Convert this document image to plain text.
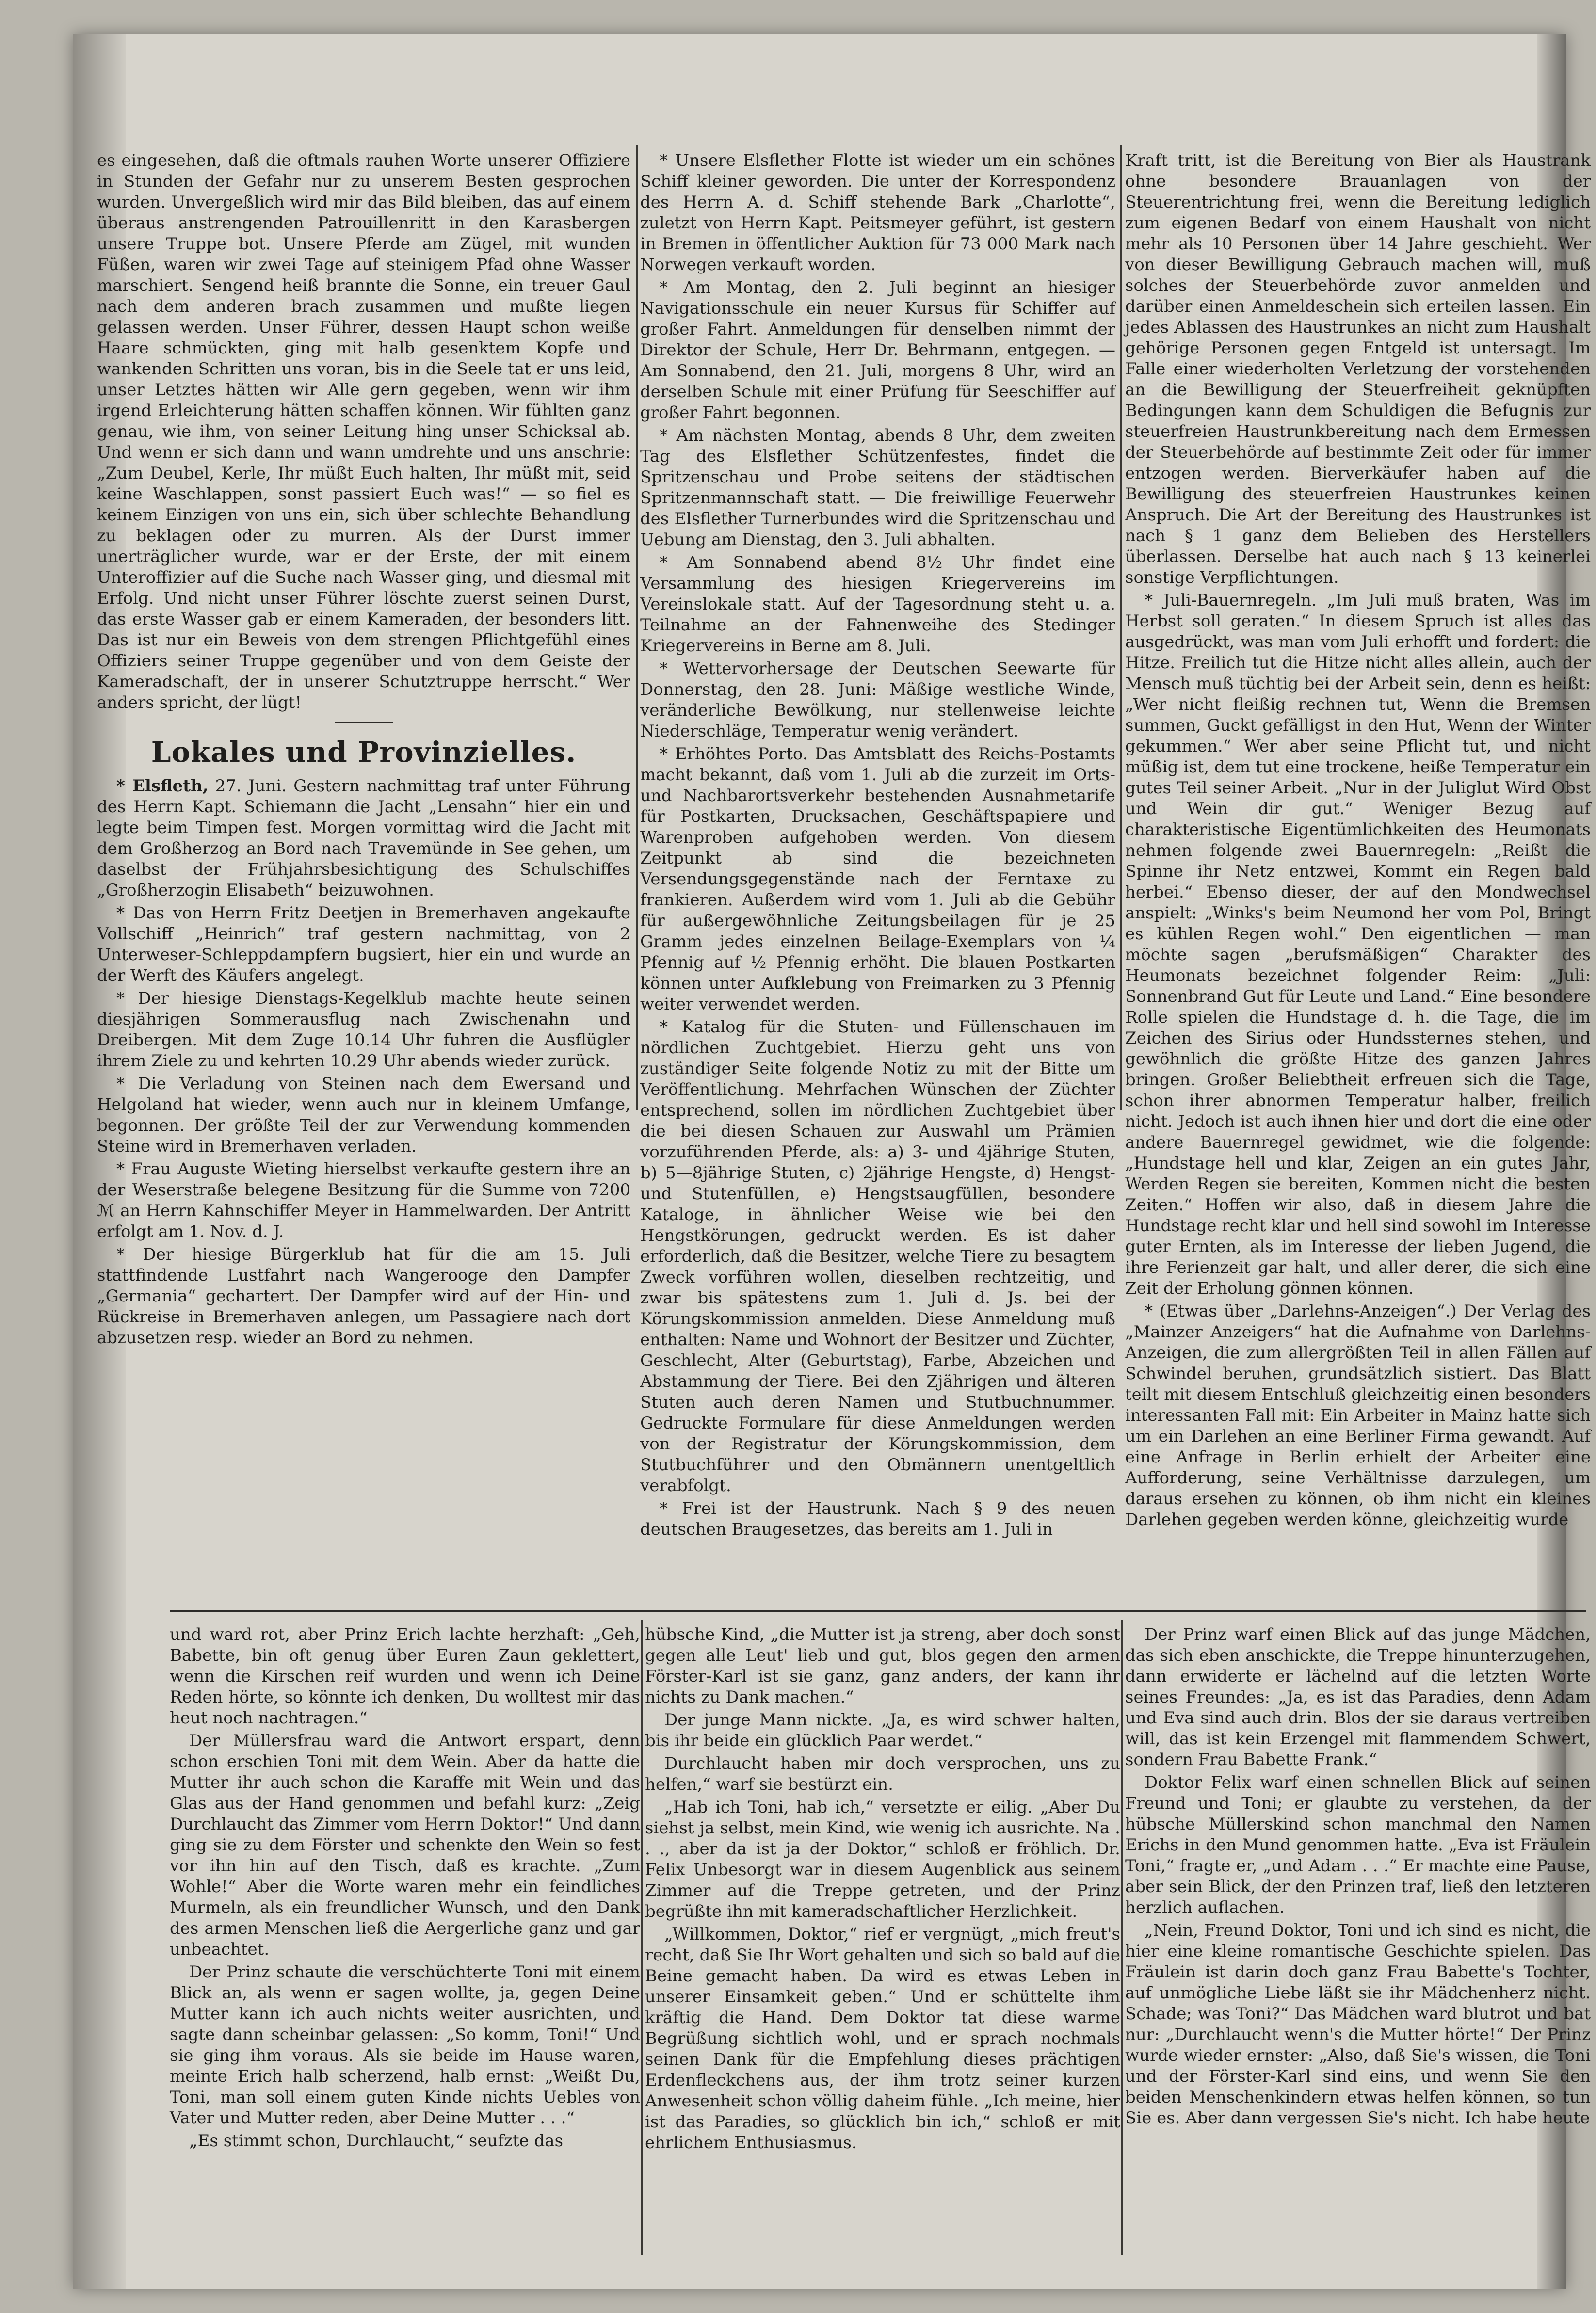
es eingesehen, daß die oftmals rauhen Worte unserer Offiziere in Stunden der Gefahr nur zu unserem Besten gesprochen wurden. Unvergeßlich wird mir das Bild bleiben, das auf einem überaus anstrengenden Patrouillenritt in den Karasbergen unsere Truppe bot. Unsere Pferde am Zügel, mit wunden Füßen, waren wir zwei Tage auf steinigem Pfad ohne Wasser marschiert. Sengend heiß brannte die Sonne, ein treuer Gaul nach dem anderen brach zusammen und mußte liegen gelassen werden. Unser Führer, dessen Haupt schon weiße Haare schmückten, ging mit halb gesenktem Kopfe und wankenden Schritten uns voran, bis in die Seele tat er uns leid, unser Letztes hätten wir Alle gern gegeben, wenn wir ihm irgend Erleichterung hätten schaffen können. Wir fühlten ganz genau, wie ihm, von seiner Leitung hing unser Schicksal ab. Und wenn er sich dann und wann umdrehte und uns anschrie: „Zum Deubel, Kerle, Ihr müßt Euch halten, Ihr müßt mit, seid keine Waschlappen, sonst passiert Euch was!“ — so fiel es keinem Einzigen von uns ein, sich über schlechte Behandlung zu beklagen oder zu murren. Als der Durst immer unerträglicher wurde, war er der Erste, der mit einem Unteroffizier auf die Suche nach Wasser ging, und diesmal mit Erfolg. Und nicht unser Führer löschte zuerst seinen Durst, das erste Wasser gab er einem Kameraden, der besonders litt. Das ist nur ein Beweis von dem strengen Pflichtgefühl eines Offiziers seiner Truppe gegenüber und von dem Geiste der Kameradschaft, der in unserer Schutztruppe herrscht.“ Wer anders spricht, der lügt!

Lokales und Provinzielles.

* Elsfleth, 27. Juni. Gestern nachmittag traf unter Führung des Herrn Kapt. Schiemann die Jacht „Lensahn“ hier ein und legte beim Timpen fest. Morgen vormittag wird die Jacht mit dem Großherzog an Bord nach Travemünde in See gehen, um daselbst der Frühjahrsbesichtigung des Schulschiffes „Großherzogin Elisabeth“ beizuwohnen.

* Das von Herrn Fritz Deetjen in Bremerhaven angekaufte Vollschiff „Heinrich“ traf gestern nachmittag, von 2 Unterweser-Schleppdampfern bugsiert, hier ein und wurde an der Werft des Käufers angelegt.

* Der hiesige Dienstags-Kegelklub machte heute seinen diesjährigen Sommerausflug nach Zwischenahn und Dreibergen. Mit dem Zuge 10.14 Uhr fuhren die Ausflügler ihrem Ziele zu und kehrten 10.29 Uhr abends wieder zurück.

* Die Verladung von Steinen nach dem Ewersand und Helgoland hat wieder, wenn auch nur in kleinem Umfange, begonnen. Der größte Teil der zur Verwendung kommenden Steine wird in Bremerhaven verladen.

* Frau Auguste Wieting hierselbst verkaufte gestern ihre an der Weserstraße belegene Besitzung für die Summe von 7200 ℳ an Herrn Kahnschiffer Meyer in Hammelwarden. Der Antritt erfolgt am 1. Nov. d. J.

* Der hiesige Bürgerklub hat für die am 15. Juli stattfindende Lustfahrt nach Wangerooge den Dampfer „Germania“ gechartert. Der Dampfer wird auf der Hin- und Rückreise in Bremerhaven anlegen, um Passagiere nach dort abzusetzen resp. wieder an Bord zu nehmen.

* Unsere Elsflether Flotte ist wieder um ein schönes Schiff kleiner geworden. Die unter der Korrespondenz des Herrn A. d. Schiff stehende Bark „Charlotte“, zuletzt von Herrn Kapt. Peitsmeyer geführt, ist gestern in Bremen in öffentlicher Auktion für 73 000 Mark nach Norwegen verkauft worden.

* Am Montag, den 2. Juli beginnt an hiesiger Navigationsschule ein neuer Kursus für Schiffer auf großer Fahrt. Anmeldungen für denselben nimmt der Direktor der Schule, Herr Dr. Behrmann, entgegen. — Am Sonnabend, den 21. Juli, morgens 8 Uhr, wird an derselben Schule mit einer Prüfung für Seeschiffer auf großer Fahrt begonnen.

* Am nächsten Montag, abends 8 Uhr, dem zweiten Tag des Elsflether Schützenfestes, findet die Spritzenschau und Probe seitens der städtischen Spritzenmannschaft statt. — Die freiwillige Feuerwehr des Elsflether Turnerbundes wird die Spritzenschau und Uebung am Dienstag, den 3. Juli abhalten.

* Am Sonnabend abend 8½ Uhr findet eine Versammlung des hiesigen Kriegervereins im Vereinslokale statt. Auf der Tagesordnung steht u. a. Teilnahme an der Fahnenweihe des Stedinger Kriegervereins in Berne am 8. Juli.

* Wettervorhersage der Deutschen Seewarte für Donnerstag, den 28. Juni: Mäßige westliche Winde, veränderliche Bewölkung, nur stellenweise leichte Niederschläge, Temperatur wenig verändert.

* Erhöhtes Porto. Das Amtsblatt des Reichs-Postamts macht bekannt, daß vom 1. Juli ab die zurzeit im Orts- und Nachbarortsverkehr bestehenden Ausnahmetarife für Postkarten, Drucksachen, Geschäftspapiere und Warenproben aufgehoben werden. Von diesem Zeitpunkt ab sind die bezeichneten Versendungsgegenstände nach der Ferntaxe zu frankieren. Außerdem wird vom 1. Juli ab die Gebühr für außergewöhnliche Zeitungsbeilagen für je 25 Gramm jedes einzelnen Beilage-Exemplars von ⅟₄ Pfennig auf ⅟₂ Pfennig erhöht. Die blauen Postkarten können unter Aufklebung von Freimarken zu 3 Pfennig weiter verwendet werden.

* Katalog für die Stuten- und Füllenschauen im nördlichen Zuchtgebiet. Hierzu geht uns von zuständiger Seite folgende Notiz zu mit der Bitte um Veröffentlichung. Mehrfachen Wünschen der Züchter entsprechend, sollen im nördlichen Zuchtgebiet über die bei diesen Schauen zur Auswahl um Prämien vorzuführenden Pferde, als: a) 3- und 4jährige Stuten, b) 5—8jährige Stuten, c) 2jährige Hengste, d) Hengst- und Stutenfüllen, e) Hengstsaugfüllen, besondere Kataloge, in ähnlicher Weise wie bei den Hengstkörungen, gedruckt werden. Es ist daher erforderlich, daß die Besitzer, welche Tiere zu besagtem Zweck vorführen wollen, dieselben rechtzeitig, und zwar bis spätestens zum 1. Juli d. Js. bei der Körungskommission anmelden. Diese Anmeldung muß enthalten: Name und Wohnort der Besitzer und Züchter, Geschlecht, Alter (Geburtstag), Farbe, Abzeichen und Abstammung der Tiere. Bei den Zjährigen und älteren Stuten auch deren Namen und Stutbuchnummer. Gedruckte Formulare für diese Anmeldungen werden von der Registratur der Körungskommission, dem Stutbuchführer und den Obmännern unentgeltlich verabfolgt.

* Frei ist der Haustrunk. Nach § 9 des neuen deutschen Braugesetzes, das bereits am 1. Juli in

Kraft tritt, ist die Bereitung von Bier als Haustrank ohne besondere Brauanlagen von der Steuerentrichtung frei, wenn die Bereitung lediglich zum eigenen Bedarf von einem Haushalt von nicht mehr als 10 Personen über 14 Jahre geschieht. Wer von dieser Bewilligung Gebrauch machen will, muß solches der Steuerbehörde zuvor anmelden und darüber einen Anmeldeschein sich erteilen lassen. Ein jedes Ablassen des Haustrunkes an nicht zum Haushalt gehörige Personen gegen Entgeld ist untersagt. Im Falle einer wiederholten Verletzung der vorstehenden an die Bewilligung der Steuerfreiheit geknüpften Bedingungen kann dem Schuldigen die Befugnis zur steuerfreien Haustrunkbereitung nach dem Ermessen der Steuerbehörde auf bestimmte Zeit oder für immer entzogen werden. Bierverkäufer haben auf die Bewilligung des steuerfreien Haustrunkes keinen Anspruch. Die Art der Bereitung des Haustrunkes ist nach § 1 ganz dem Belieben des Herstellers überlassen. Derselbe hat auch nach § 13 keinerlei sonstige Verpflichtungen.

* Juli-Bauernregeln. „Im Juli muß braten, Was im Herbst soll geraten.“ In diesem Spruch ist alles das ausgedrückt, was man vom Juli erhofft und fordert: die Hitze. Freilich tut die Hitze nicht alles allein, auch der Mensch muß tüchtig bei der Arbeit sein, denn es heißt: „Wer nicht fleißig rechnen tut, Wenn die Bremsen summen, Guckt gefälligst in den Hut, Wenn der Winter gekummen.“ Wer aber seine Pflicht tut, und nicht müßig ist, dem tut eine trockene, heiße Temperatur ein gutes Teil seiner Arbeit. „Nur in der Juliglut Wird Obst und Wein dir gut.“ Weniger Bezug auf charakteristische Eigentümlichkeiten des Heumonats nehmen folgende zwei Bauernregeln: „Reißt die Spinne ihr Netz entzwei, Kommt ein Regen bald herbei.“ Ebenso dieser, der auf den Mondwechsel anspielt: „Winks's beim Neumond her vom Pol, Bringt es kühlen Regen wohl.“ Den eigentlichen — man möchte sagen „berufsmäßigen“ Charakter des Heumonats bezeichnet folgender Reim: „Juli: Sonnenbrand Gut für Leute und Land.“ Eine besondere Rolle spielen die Hundstage d. h. die Tage, die im Zeichen des Sirius oder Hundssternes stehen, und gewöhnlich die größte Hitze des ganzen Jahres bringen. Großer Beliebtheit erfreuen sich die Tage, schon ihrer abnormen Temperatur halber, freilich nicht. Jedoch ist auch ihnen hier und dort die eine oder andere Bauernregel gewidmet, wie die folgende: „Hundstage hell und klar, Zeigen an ein gutes Jahr, Werden Regen sie bereiten, Kommen nicht die besten Zeiten.“ Hoffen wir also, daß in diesem Jahre die Hundstage recht klar und hell sind sowohl im Interesse guter Ernten, als im Interesse der lieben Jugend, die ihre Ferienzeit gar halt, und aller derer, die sich eine Zeit der Erholung gönnen können.

* (Etwas über „Darlehns-Anzeigen“.) Der Verlag des „Mainzer Anzeigers“ hat die Aufnahme von Darlehns-Anzeigen, die zum allergrößten Teil in allen Fällen auf Schwindel beruhen, grundsätzlich sistiert. Das Blatt teilt mit diesem Entschluß gleichzeitig einen besonders interessanten Fall mit: Ein Arbeiter in Mainz hatte sich um ein Darlehen an eine Berliner Firma gewandt. Auf eine Anfrage in Berlin erhielt der Arbeiter eine Aufforderung, seine Verhältnisse darzulegen, um daraus ersehen zu können, ob ihm nicht ein kleines Darlehen gegeben werden könne, gleichzeitig wurde

und ward rot, aber Prinz Erich lachte herzhaft: „Geh, Babette, bin oft genug über Euren Zaun geklettert, wenn die Kirschen reif wurden und wenn ich Deine Reden hörte, so könnte ich denken, Du wolltest mir das heut noch nachtragen.“

Der Müllersfrau ward die Antwort erspart, denn schon erschien Toni mit dem Wein. Aber da hatte die Mutter ihr auch schon die Karaffe mit Wein und das Glas aus der Hand genommen und befahl kurz: „Zeig Durchlaucht das Zimmer vom Herrn Doktor!“ Und dann ging sie zu dem Förster und schenkte den Wein so fest vor ihn hin auf den Tisch, daß es krachte. „Zum Wohle!“ Aber die Worte waren mehr ein feindliches Murmeln, als ein freundlicher Wunsch, und den Dank des armen Menschen ließ die Aergerliche ganz und gar unbeachtet.

Der Prinz schaute die verschüchterte Toni mit einem Blick an, als wenn er sagen wollte, ja, gegen Deine Mutter kann ich auch nichts weiter ausrichten, und sagte dann scheinbar gelassen: „So komm, Toni!“ Und sie ging ihm voraus. Als sie beide im Hause waren, meinte Erich halb scherzend, halb ernst: „Weißt Du, Toni, man soll einem guten Kinde nichts Uebles von Vater und Mutter reden, aber Deine Mutter . . .“

„Es stimmt schon, Durchlaucht,“ seufzte das

hübsche Kind, „die Mutter ist ja streng, aber doch sonst gegen alle Leut' lieb und gut, blos gegen den armen Förster-Karl ist sie ganz, ganz anders, der kann ihr nichts zu Dank machen.“

Der junge Mann nickte. „Ja, es wird schwer halten, bis ihr beide ein glücklich Paar werdet.“

Durchlaucht haben mir doch versprochen, uns zu helfen,“ warf sie bestürzt ein.

„Hab ich Toni, hab ich,“ versetzte er eilig. „Aber Du siehst ja selbst, mein Kind, wie wenig ich ausrichte. Na . . ., aber da ist ja der Doktor,“ schloß er fröhlich. Dr. Felix Unbesorgt war in diesem Augenblick aus seinem Zimmer auf die Treppe getreten, und der Prinz begrüßte ihn mit kameradschaftlicher Herzlichkeit.

„Willkommen, Doktor,“ rief er vergnügt, „mich freut's recht, daß Sie Ihr Wort gehalten und sich so bald auf die Beine gemacht haben. Da wird es etwas Leben in unserer Einsamkeit geben.“ Und er schüttelte ihm kräftig die Hand. Dem Doktor tat diese warme Begrüßung sichtlich wohl, und er sprach nochmals seinen Dank für die Empfehlung dieses prächtigen Erdenfleckchens aus, der ihm trotz seiner kurzen Anwesenheit schon völlig daheim fühle. „Ich meine, hier ist das Paradies, so glücklich bin ich,“ schloß er mit ehrlichem Enthusiasmus.

Der Prinz warf einen Blick auf das junge Mädchen, das sich eben anschickte, die Treppe hinunterzugehen, dann erwiderte er lächelnd auf die letzten Worte seines Freundes: „Ja, es ist das Paradies, denn Adam und Eva sind auch drin. Blos der sie daraus vertreiben will, das ist kein Erzengel mit flammendem Schwert, sondern Frau Babette Frank.“

Doktor Felix warf einen schnellen Blick auf seinen Freund und Toni; er glaubte zu verstehen, da der hübsche Müllerskind schon manchmal den Namen Erichs in den Mund genommen hatte. „Eva ist Fräulein Toni,“ fragte er, „und Adam . . .“ Er machte eine Pause, aber sein Blick, der den Prinzen traf, ließ den letzteren herzlich auflachen.

„Nein, Freund Doktor, Toni und ich sind es nicht, die hier eine kleine romantische Geschichte spielen. Das Fräulein ist darin doch ganz Frau Babette's Tochter, auf unmögliche Liebe läßt sie ihr Mädchenherz nicht. Schade; was Toni?“ Das Mädchen ward blutrot und bat nur: „Durchlaucht wenn's die Mutter hörte!“ Der Prinz wurde wieder ernster: „Also, daß Sie's wissen, die Toni und der Förster-Karl sind eins, und wenn Sie den beiden Menschenkindern etwas helfen können, so tun Sie es. Aber dann vergessen Sie's nicht. Ich habe heute
